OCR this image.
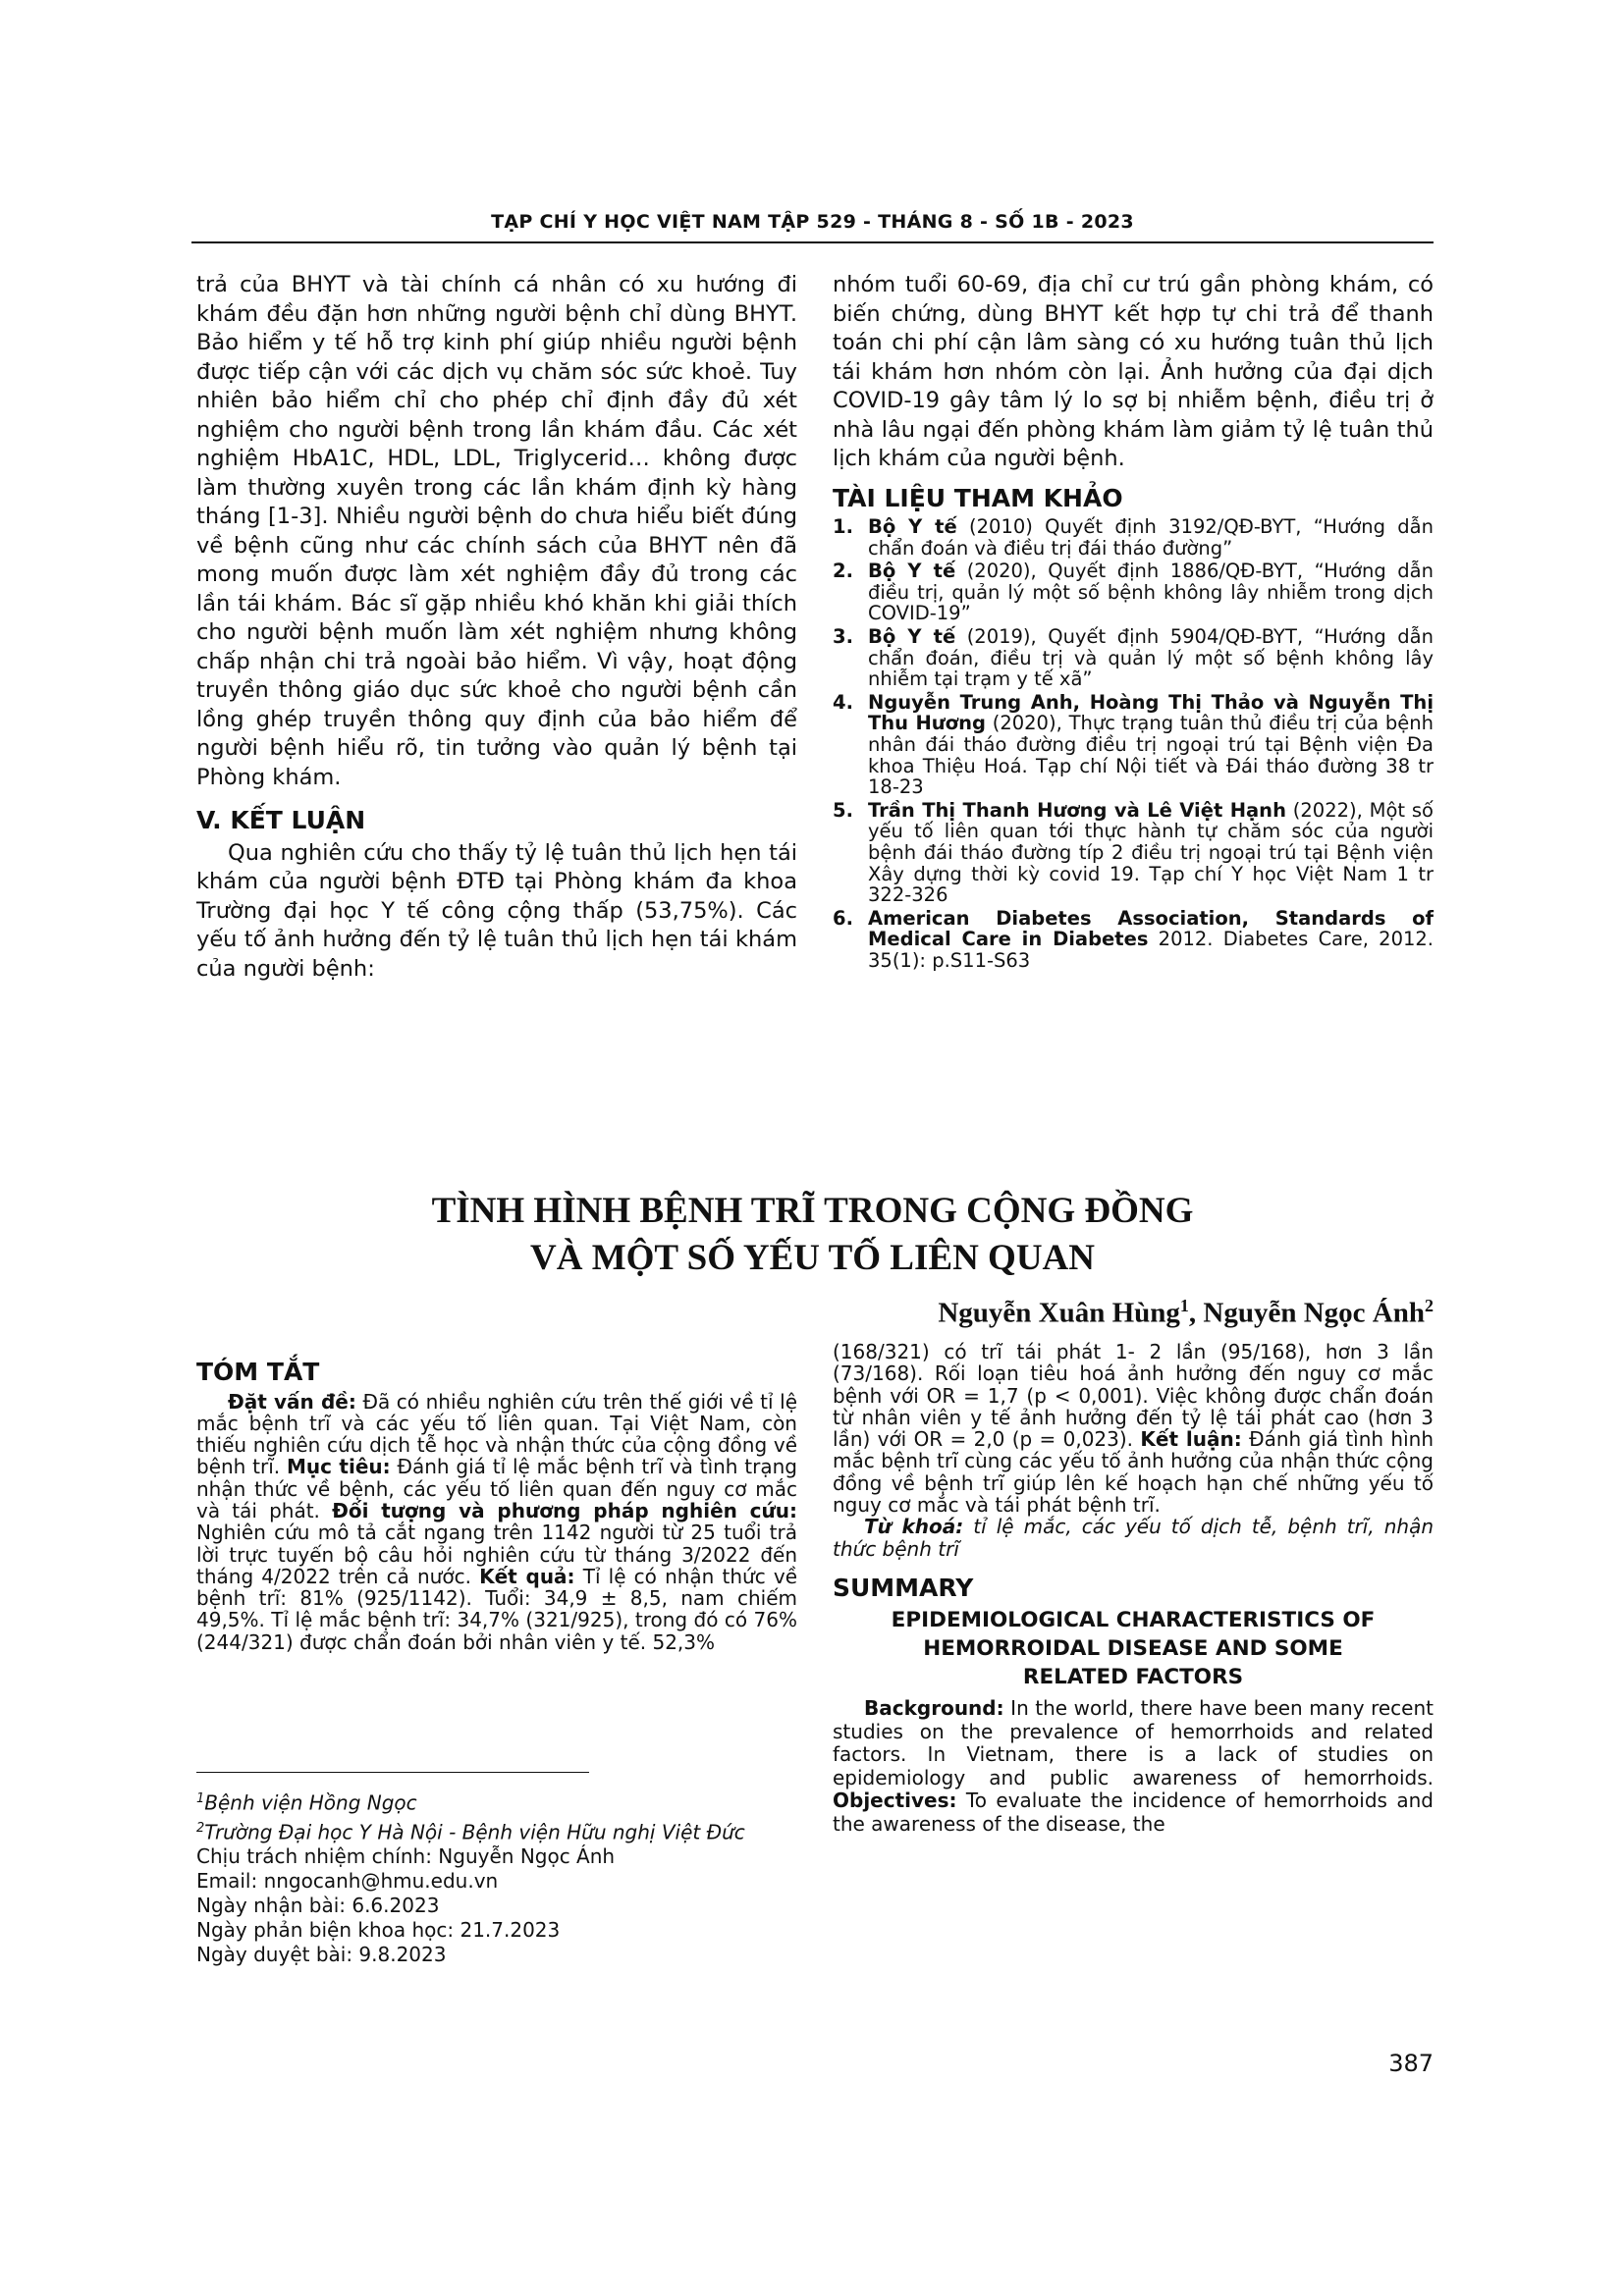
TẠP CHÍ Y HỌC VIỆT NAM TẬP 529 - THÁNG 8 - SỐ 1B - 2023

trả của BHYT và tài chính cá nhân có xu hướng đi khám đều đặn hơn những người bệnh chỉ dùng BHYT. Bảo hiểm y tế hỗ trợ kinh phí giúp nhiều người bệnh được tiếp cận với các dịch vụ chăm sóc sức khoẻ. Tuy nhiên bảo hiểm chỉ cho phép chỉ định đầy đủ xét nghiệm cho người bệnh trong lần khám đầu. Các xét nghiệm HbA1C, HDL, LDL, Triglycerid… không được làm thường xuyên trong các lần khám định kỳ hàng tháng [1-3]. Nhiều người bệnh do chưa hiểu biết đúng về bệnh cũng như các chính sách của BHYT nên đã mong muốn được làm xét nghiệm đầy đủ trong các lần tái khám. Bác sĩ gặp nhiều khó khăn khi giải thích cho người bệnh muốn làm xét nghiệm nhưng không chấp nhận chi trả ngoài bảo hiểm. Vì vậy, hoạt động truyền thông giáo dục sức khoẻ cho người bệnh cần lồng ghép truyền thông quy định của bảo hiểm để người bệnh hiểu rõ, tin tưởng vào quản lý bệnh tại Phòng khám.

V. KẾT LUẬN

Qua nghiên cứu cho thấy tỷ lệ tuân thủ lịch hẹn tái khám của người bệnh ĐTĐ tại Phòng khám đa khoa Trường đại học Y tế công cộng thấp (53,75%). Các yếu tố ảnh hưởng đến tỷ lệ tuân thủ lịch hẹn tái khám của người bệnh:

nhóm tuổi 60-69, địa chỉ cư trú gần phòng khám, có biến chứng, dùng BHYT kết hợp tự chi trả để thanh toán chi phí cận lâm sàng có xu hướng tuân thủ lịch tái khám hơn nhóm còn lại. Ảnh hưởng của đại dịch COVID-19 gây tâm lý lo sợ bị nhiễm bệnh, điều trị ở nhà lâu ngại đến phòng khám làm giảm tỷ lệ tuân thủ lịch khám của người bệnh.

TÀI LIỆU THAM KHẢO
1. Bộ Y tế (2010) Quyết định 3192/QĐ-BYT, “Hướng dẫn chẩn đoán và điều trị đái tháo đường”
2. Bộ Y tế (2020), Quyết định 1886/QĐ-BYT, “Hướng dẫn điều trị, quản lý một số bệnh không lây nhiễm trong dịch COVID-19”
3. Bộ Y tế (2019), Quyết định 5904/QĐ-BYT, “Hướng dẫn chẩn đoán, điều trị và quản lý một số bệnh không lây nhiễm tại trạm y tế xã”
4. Nguyễn Trung Anh, Hoàng Thị Thảo và Nguyễn Thị Thu Hương (2020), Thực trạng tuân thủ điều trị của bệnh nhân đái tháo đường điều trị ngoại trú tại Bệnh viện Đa khoa Thiệu Hoá. Tạp chí Nội tiết và Đái tháo đường 38 tr 18-23
5. Trần Thị Thanh Hương và Lê Việt Hạnh (2022), Một số yếu tố liên quan tới thực hành tự chăm sóc của người bệnh đái tháo đường típ 2 điều trị ngoại trú tại Bệnh viện Xây dựng thời kỳ covid 19. Tạp chí Y học Việt Nam 1 tr 322-326
6. American Diabetes Association, Standards of Medical Care in Diabetes 2012. Diabetes Care, 2012. 35(1): p.S11-S63
TÌNH HÌNH BỆNH TRĨ TRONG CỘNG ĐỒNG
VÀ MỘT SỐ YẾU TỐ LIÊN QUAN
Nguyễn Xuân Hùng$^1$, Nguyễn Ngọc Ánh$^2$
TÓM TẮT

Đặt vấn đề: Đã có nhiều nghiên cứu trên thế giới về tỉ lệ mắc bệnh trĩ và các yếu tố liên quan. Tại Việt Nam, còn thiếu nghiên cứu dịch tễ học và nhận thức của cộng đồng về bệnh trĩ. Mục tiêu: Đánh giá tỉ lệ mắc bệnh trĩ và tình trạng nhận thức về bệnh, các yếu tố liên quan đến nguy cơ mắc và tái phát. Đối tượng và phương pháp nghiên cứu: Nghiên cứu mô tả cắt ngang trên 1142 người từ 25 tuổi trả lời trực tuyến bộ câu hỏi nghiên cứu từ tháng 3/2022 đến tháng 4/2022 trên cả nước. Kết quả: Tỉ lệ có nhận thức về bệnh trĩ: 81% (925/1142). Tuổi: 34,9 ± 8,5, nam chiếm 49,5%. Tỉ lệ mắc bệnh trĩ: 34,7% (321/925), trong đó có 76% (244/321) được chẩn đoán bởi nhân viên y tế. 52,3%

(168/321) có trĩ tái phát 1- 2 lần (95/168), hơn 3 lần (73/168). Rối loạn tiêu hoá ảnh hưởng đến nguy cơ mắc bệnh với OR = 1,7 (p < 0,001). Việc không được chẩn đoán từ nhân viên y tế ảnh hưởng đến tỷ lệ tái phát cao (hơn 3 lần) với OR = 2,0 (p = 0,023). Kết luận: Đánh giá tình hình mắc bệnh trĩ cùng các yếu tố ảnh hưởng của nhận thức cộng đồng về bệnh trĩ giúp lên kế hoạch hạn chế những yếu tố nguy cơ mắc và tái phát bệnh trĩ.

Từ khoá: tỉ lệ mắc, các yếu tố dịch tễ, bệnh trĩ, nhận thức bệnh trĩ

SUMMARY
EPIDEMIOLOGICAL CHARACTERISTICS OF
HEMORROIDAL DISEASE AND SOME
RELATED FACTORS

Background: In the world, there have been many recent studies on the prevalence of hemorrhoids and related factors. In Vietnam, there is a lack of studies on epidemiology and public awareness of hemorrhoids. Objectives: To evaluate the incidence of hemorrhoids and the awareness of the disease, the

$^1$Bệnh viện Hồng Ngọc
$^2$Trường Đại học Y Hà Nội - Bệnh viện Hữu nghị Việt Đức
Chịu trách nhiệm chính: Nguyễn Ngọc Ánh
Email: nngocanh@hmu.edu.vn
Ngày nhận bài: 6.6.2023
Ngày phản biện khoa học: 21.7.2023
Ngày duyệt bài: 9.8.2023
387
